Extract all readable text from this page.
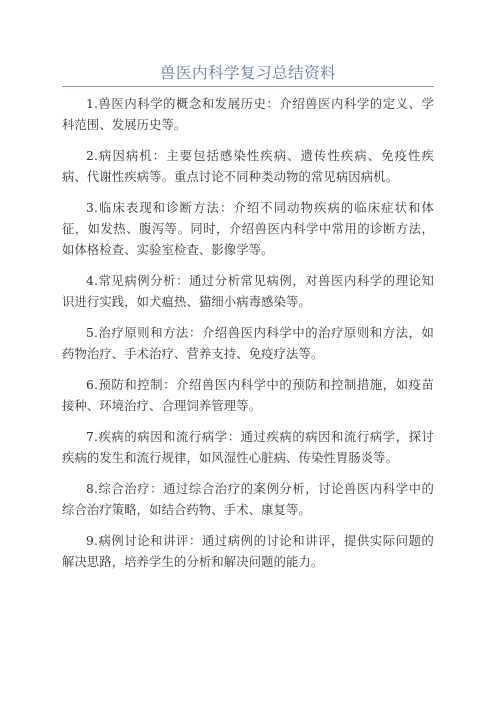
兽医内科学复习总结资料

1.兽医内科学的概念和发展历史：介绍兽医内科学的定义、学科范围、发展历史等。

2.病因病机：主要包括感染性疾病、遗传性疾病、免疫性疾病、代谢性疾病等。重点讨论不同种类动物的常见病因病机。

3.临床表现和诊断方法：介绍不同动物疾病的临床症状和体征，如发热、腹泻等。同时，介绍兽医内科学中常用的诊断方法，如体格检查、实验室检查、影像学等。

4.常见病例分析：通过分析常见病例，对兽医内科学的理论知识进行实践，如犬瘟热、猫细小病毒感染等。

5.治疗原则和方法：介绍兽医内科学中的治疗原则和方法，如药物治疗、手术治疗、营养支持、免疫疗法等。

6.预防和控制：介绍兽医内科学中的预防和控制措施，如疫苗接种、环境治疗、合理饲养管理等。

7.疾病的病因和流行病学：通过疾病的病因和流行病学，探讨疾病的发生和流行规律，如风湿性心脏病、传染性胃肠炎等。

8.综合治疗：通过综合治疗的案例分析，讨论兽医内科学中的综合治疗策略，如结合药物、手术、康复等。

9.病例讨论和讲评：通过病例的讨论和讲评，提供实际问题的解决思路，培养学生的分析和解决问题的能力。
